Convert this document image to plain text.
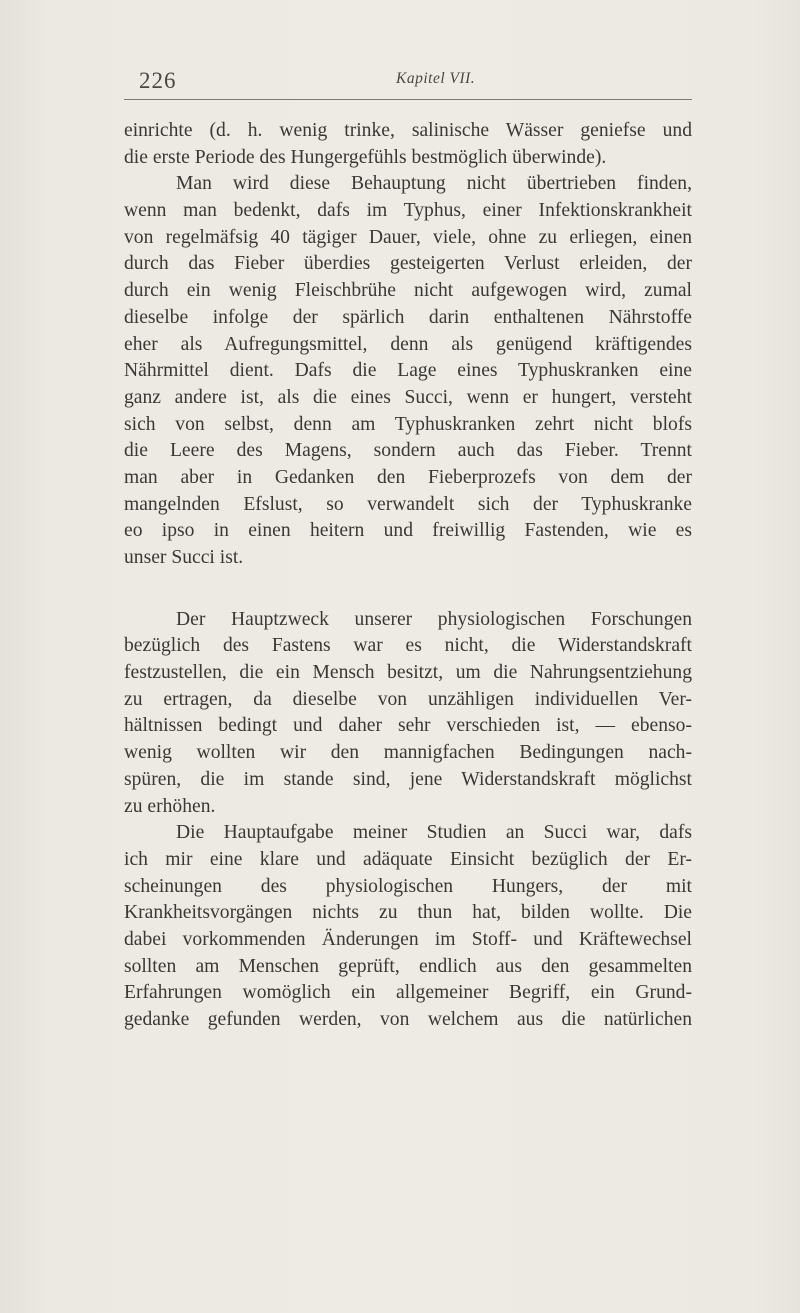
226	Kapitel VII.
einrichte (d. h. wenig trinke, salinische Wässer geniefse und
die erste Periode des Hungergefühls bestmöglich überwinde).
Man wird diese Behauptung nicht übertrieben finden,
wenn man bedenkt, dafs im Typhus, einer Infektionskrankheit
von regelmäfsig 40 tägiger Dauer, viele, ohne zu erliegen, einen
durch das Fieber überdies gesteigerten Verlust erleiden, der
durch ein wenig Fleischbrühe nicht aufgewogen wird, zumal
dieselbe infolge der spärlich darin enthaltenen Nährstoffe
eher als Aufregungsmittel, denn als genügend kräftigendes
Nährmittel dient. Dafs die Lage eines Typhuskranken eine
ganz andere ist, als die eines Succi, wenn er hungert, versteht
sich von selbst, denn am Typhuskranken zehrt nicht blofs
die Leere des Magens, sondern auch das Fieber. Trennt
man aber in Gedanken den Fieberprozefs von dem der
mangelnden Efslust, so verwandelt sich der Typhuskranke
eo ipso in einen heitern und freiwillig Fastenden, wie es
unser Succi ist.
Der Hauptzweck unserer physiologischen Forschungen
bezüglich des Fastens war es nicht, die Widerstandskraft
festzustellen, die ein Mensch besitzt, um die Nahrungsentziehung
zu ertragen, da dieselbe von unzähligen individuellen Ver-
hältnissen bedingt und daher sehr verschieden ist, — ebenso-
wenig wollten wir den mannigfachen Bedingungen nach-
spüren, die im stande sind, jene Widerstandskraft möglichst
zu erhöhen.
Die Hauptaufgabe meiner Studien an Succi war, dafs
ich mir eine klare und adäquate Einsicht bezüglich der Er-
scheinungen des physiologischen Hungers, der mit
Krankheitsvorgängen nichts zu thun hat, bilden wollte. Die
dabei vorkommenden Änderungen im Stoff- und Kräftewechsel
sollten am Menschen geprüft, endlich aus den gesammelten
Erfahrungen womöglich ein allgemeiner Begriff, ein Grund-
gedanke gefunden werden, von welchem aus die natürlichen
